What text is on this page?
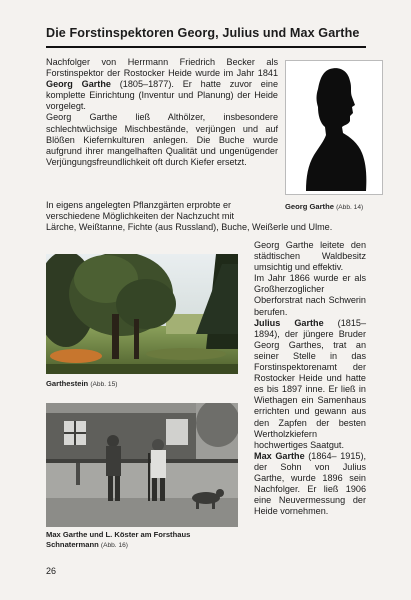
Die Forstinspektoren Georg, Julius und Max Garthe

Nachfolger von Herrmann Friedrich Becker als Forstinspektor der Rostocker Heide wurde im Jahr 1841 Georg Garthe (1805–1877). Er hatte zuvor eine komplette Einrichtung (Inventur und Planung) der Heide vorgelegt.

Georg Garthe ließ Althölzer, insbesondere schlechtwüchsige Mischbestände, verjüngen und auf Blößen Kiefernkulturen anlegen. Die Buche wurde aufgrund ihrer mangelhaften Qualität und ungenügender Verjüngungsfreundlichkeit oft durch Kiefer ersetzt.

In eigens angelegten Pflanzgärten erprobte er

verschiedene Möglichkeiten der Nachzucht mit

Lärche, Weißtanne, Fichte (aus Russland), Buche, Weißerle und Ulme.

Georg Garthe (Abb. 14)
Garthestein (Abb. 15)
Max Garthe und L. Köster am Forsthaus
Schnatermann (Abb. 16)

Georg Garthe leitete den städtischen Waldbesitz umsichtig und effektiv.

Im Jahr 1866 wurde er als Großherzoglicher Oberforstrat nach Schwerin berufen.

Julius Garthe (1815–1894), der jüngere Bruder Georg Garthes, trat an seiner Stelle in das Forstinspektorenamt der Rostocker Heide und hatte es bis 1897 inne. Er ließ in Wiethagen ein Samenhaus errichten und gewann aus den Zapfen der besten Wertholzkiefern hochwertiges Saatgut.

Max Garthe (1864– 1915), der Sohn von Julius Garthe, wurde 1896 sein Nachfolger. Er ließ 1906 eine Neuvermessung der Heide vornehmen.

26
